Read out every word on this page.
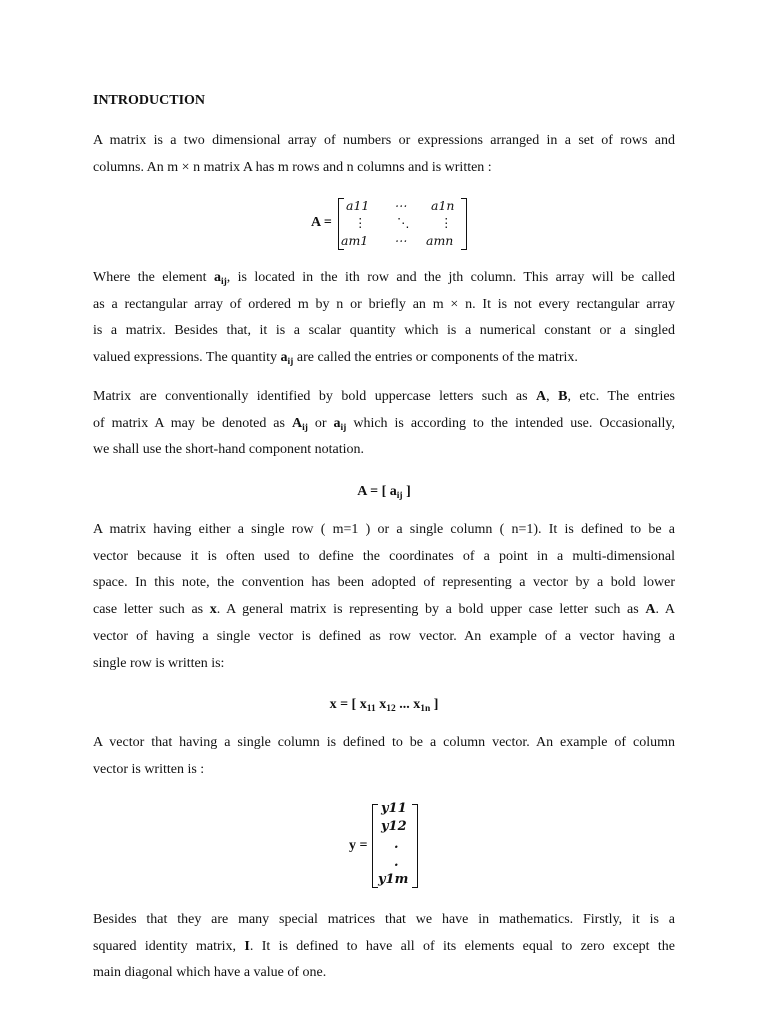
INTRODUCTION
A matrix is a two dimensional array of numbers or expressions arranged in a set of rows and
columns. An m × n matrix A has m rows and n columns and is written :
A =
a11 ⋯ a1n
⋮ ⋱ ⋮
am1 ⋯ amn
Where the element $a_{ij}$, is located in the ith row and the jth column. This array will be called
as a rectangular array of ordered m by n or briefly an m × n. It is not every rectangular array
is a matrix. Besides that, it is a scalar quantity which is a numerical constant or a singled
valued expressions. The quantity $a_{ij}$ are called the entries or components of the matrix.
Matrix are conventionally identified by bold uppercase letters such as A, B, etc. The entries
of matrix A may be denoted as $A_{ij}$ or $a_{ij}$ which is according to the intended use. Occasionally,
we shall use the short-hand component notation.
A = [ $a_{ij}$ ]
A matrix having either a single row ( m=1 ) or a single column ( n=1). It is defined to be a
vector because it is often used to define the coordinates of a point in a multi-dimensional
space. In this note, the convention has been adopted of representing a vector by a bold lower
case letter such as x. A general matrix is representing by a bold upper case letter such as A. A
vector of having a single vector is defined as row vector. An example of a vector having a
single row is written is:
x = [ $x_{11}$ $x_{12}$ ... $x_{1n}$ ]
A vector that having a single column is defined to be a column vector. An example of column
vector is written is :
y =
y11
y12
.
.
y1m
Besides that they are many special matrices that we have in mathematics. Firstly, it is a
squared identity matrix, I. It is defined to have all of its elements equal to zero except the
main diagonal which have a value of one.
